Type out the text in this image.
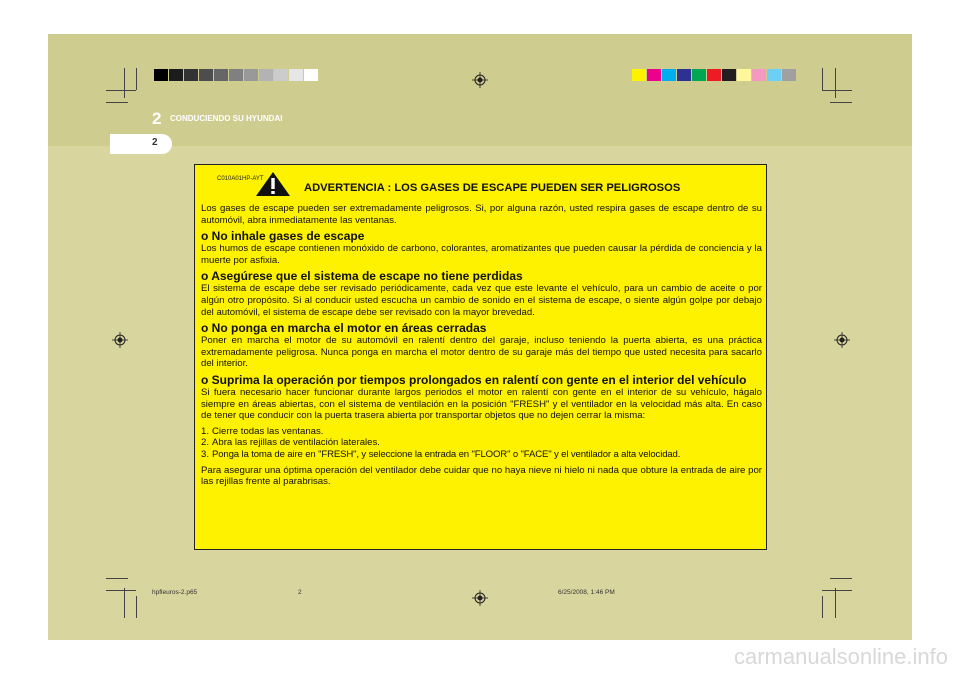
2 CONDUCIENDO SU HYUNDAI
2
C010A01HP-AYT
ADVERTENCIA : LOS GASES DE ESCAPE PUEDEN SER PELIGROSOS

Los gases de escape pueden ser extremadamente peligrosos. Si, por alguna razón, usted respira gases de escape dentro de su automóvil, abra inmediatamente las ventanas.

o No inhale gases de escape

Los humos de escape contienen monóxido de carbono, colorantes, aromatizantes que pueden causar la pérdida de conciencia y la muerte por asfixia.

o Asegúrese que el sistema de escape no tiene perdidas

El sistema de escape debe ser revisado periódicamente, cada vez que este levante el vehículo, para un cambio de aceite o por algún otro propósito. Si al conducir usted escucha un cambio de sonido en el sistema de escape, o siente algún golpe por debajo del automóvil, el sistema de escape debe ser revisado con la mayor brevedad.

o No ponga en marcha el motor en áreas cerradas

Poner en marcha el motor de su automóvil en ralentí dentro del garaje, incluso teniendo la puerta abierta, es una práctica extremadamente peligrosa. Nunca ponga en marcha el motor dentro de su garaje más del tiempo que usted necesita para sacarlo del interior.

o Suprima la operación por tiempos prolongados en ralentí con gente en el interior del vehículo

Si fuera necesario hacer funcionar durante largos periodos el motor en ralentí con gente en el interior de su vehículo, hágalo siempre en áreas abiertas, con el sistema de ventilación en la posición "FRESH" y el ventilador en la velocidad más alta. En caso de tener que conducir con la puerta trasera abierta por transportar objetos que no dejen cerrar la misma:

1. Cierre todas las ventanas.
2. Abra las rejillas de ventilación laterales.
3. Ponga la toma de aire en "FRESH", y seleccione la entrada en "FLOOR" o "FACE" y el ventilador a alta velocidad.

Para asegurar una óptima operación del ventilador debe cuidar que no haya nieve ni hielo ni nada que obture la entrada de aire por las rejillas frente al parabrisas.

hpfleuros-2.p65	2	6/25/2008, 1:46 PM
carmanualsonline.info
